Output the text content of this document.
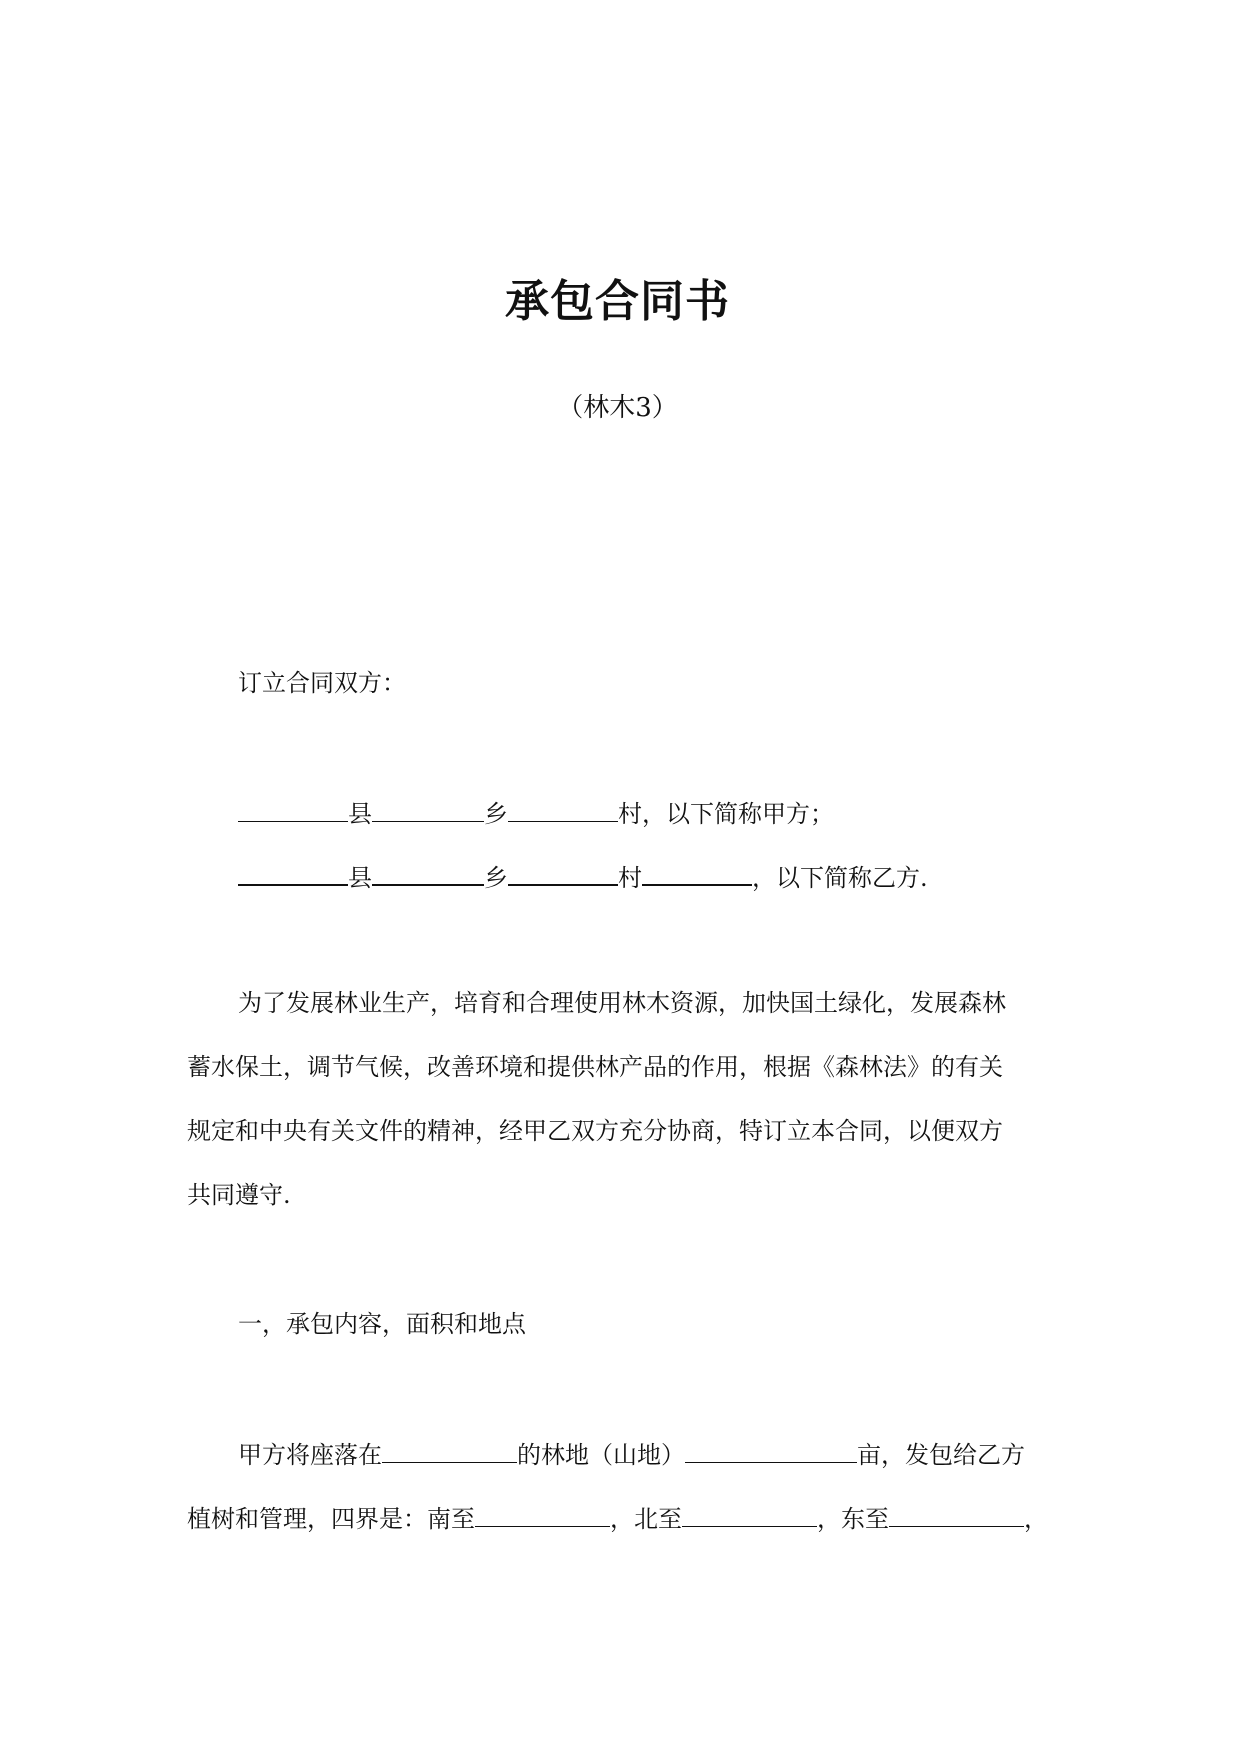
承包合同书
（林木3）
订立合同双方：
县	乡	村，以下简称甲方；
县	乡	村	，以下简称乙方.
为了发展林业生产，培育和合理使用林木资源，加快国土绿化，发展森林
蓄水保土，调节气候，改善环境和提供林产品的作用，根据《森林法》的有关
规定和中央有关文件的精神，经甲乙双方充分协商，特订立本合同，以便双方
共同遵守.
一，承包内容，面积和地点
甲方将座落在	的林地（山地）	亩，发包给乙方
植树和管理，四界是：南至	，北至	，东至	，
